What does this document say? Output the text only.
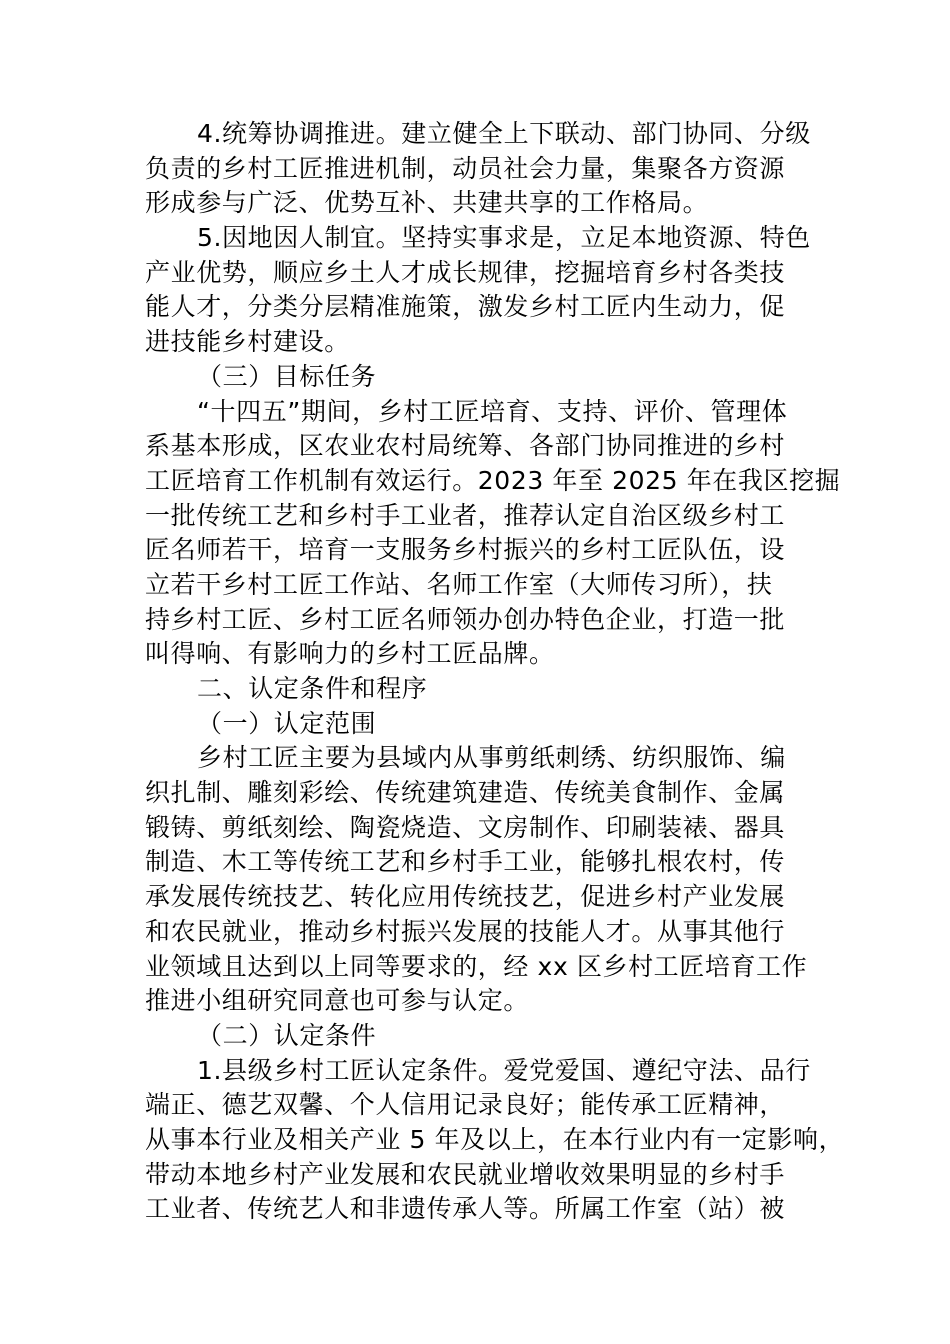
4.统筹协调推进。建立健全上下联动、部门协同、分级
负责的乡村工匠推进机制，动员社会力量，集聚各方资源
形成参与广泛、优势互补、共建共享的工作格局。
5.因地因人制宜。坚持实事求是，立足本地资源、特色
产业优势，顺应乡土人才成长规律，挖掘培育乡村各类技
能人才，分类分层精准施策，激发乡村工匠内生动力，促
进技能乡村建设。
（三）目标任务
“十四五”期间，乡村工匠培育、支持、评价、管理体
系基本形成，区农业农村局统筹、各部门协同推进的乡村
工匠培育工作机制有效运行。2023 年至 2025 年在我区挖掘
一批传统工艺和乡村手工业者，推荐认定自治区级乡村工
匠名师若干，培育一支服务乡村振兴的乡村工匠队伍，设
立若干乡村工匠工作站、名师工作室（大师传习所），扶
持乡村工匠、乡村工匠名师领办创办特色企业，打造一批
叫得响、有影响力的乡村工匠品牌。
二、认定条件和程序
（一）认定范围
乡村工匠主要为县域内从事剪纸刺绣、纺织服饰、编
织扎制、雕刻彩绘、传统建筑建造、传统美食制作、金属
锻铸、剪纸刻绘、陶瓷烧造、文房制作、印刷装裱、器具
制造、木工等传统工艺和乡村手工业，能够扎根农村，传
承发展传统技艺、转化应用传统技艺，促进乡村产业发展
和农民就业，推动乡村振兴发展的技能人才。从事其他行
业领域且达到以上同等要求的，经 xx 区乡村工匠培育工作
推进小组研究同意也可参与认定。
（二）认定条件
1.县级乡村工匠认定条件。爱党爱国、遵纪守法、品行
端正、德艺双馨、个人信用记录良好；能传承工匠精神，
从事本行业及相关产业 5 年及以上，在本行业内有一定影响，
带动本地乡村产业发展和农民就业增收效果明显的乡村手
工业者、传统艺人和非遗传承人等。所属工作室（站）被
